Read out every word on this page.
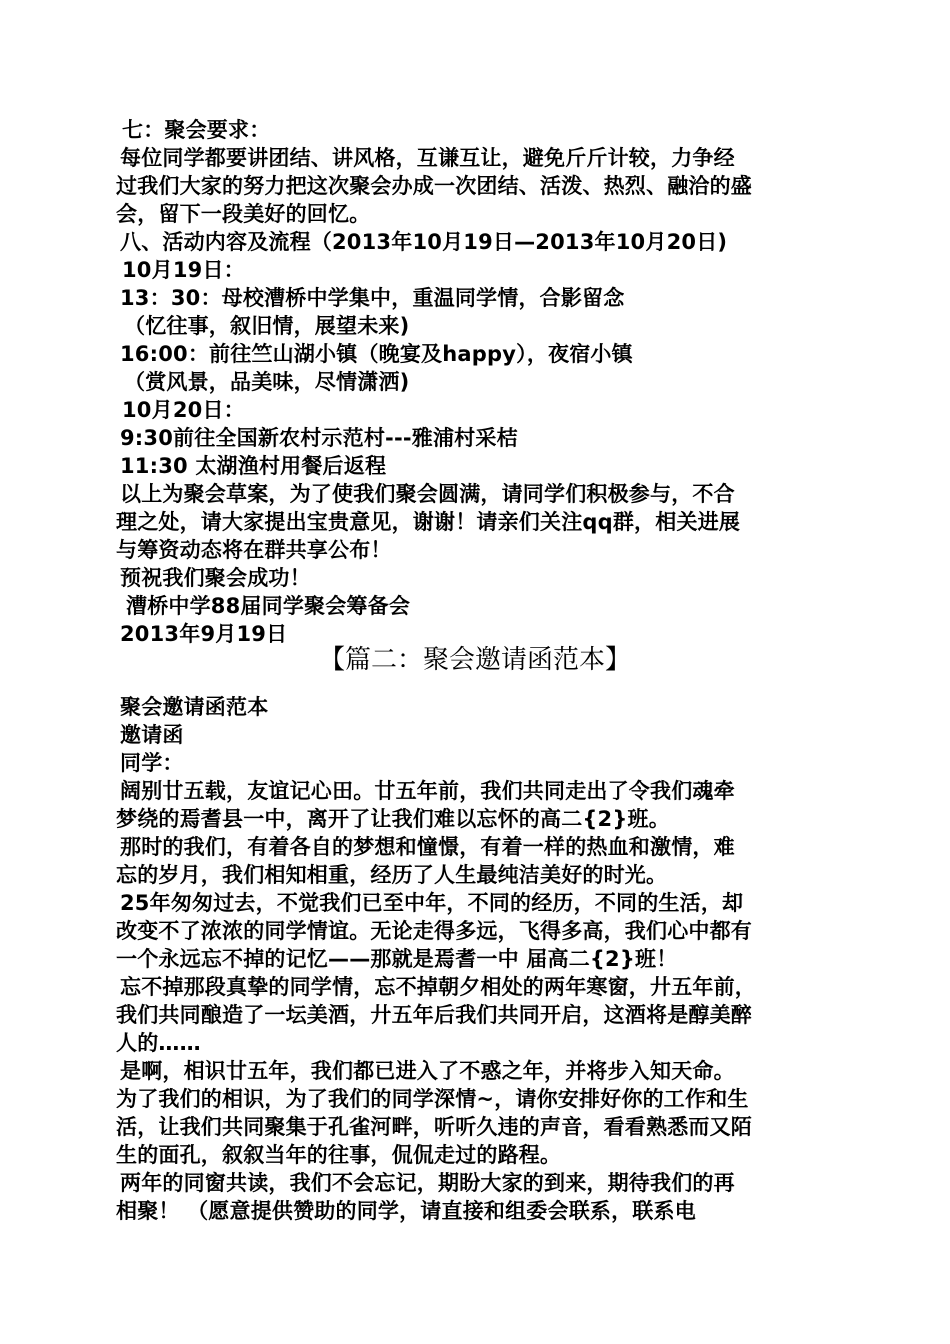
七：聚会要求：
每位同学都要讲团结、讲风格，互谦互让，避免斤斤计较，力争经
过我们大家的努力把这次聚会办成一次团结、活泼、热烈、融洽的盛
会，留下一段美好的回忆。
八、活动内容及流程（2013年10月19日—2013年10月20日)
10月19日：
13：30：母校漕桥中学集中，重温同学情，合影留念
（忆往事，叙旧情，展望未来)
16:00：前往竺山湖小镇（晚宴及happy），夜宿小镇
（赏风景，品美味，尽情潇洒)
10月20日：
9:30前往全国新农村示范村---雅浦村采桔
11:30 太湖渔村用餐后返程
以上为聚会草案，为了使我们聚会圆满，请同学们积极参与，不合
理之处，请大家提出宝贵意见，谢谢！请亲们关注qq群，相关进展
与筹资动态将在群共享公布！
预祝我们聚会成功！
漕桥中学88届同学聚会筹备会
2013年9月19日
【篇二：聚会邀请函范本】
聚会邀请函范本
邀请函
同学：
阔别廿五载，友谊记心田。廿五年前，我们共同走出了令我们魂牵
梦绕的焉耆县一中，离开了让我们难以忘怀的高二{2}班。
那时的我们，有着各自的梦想和憧憬，有着一样的热血和激情，难
忘的岁月，我们相知相重，经历了人生最纯洁美好的时光。
25年匆匆过去，不觉我们已至中年，不同的经历，不同的生活，却
改变不了浓浓的同学情谊。无论走得多远，飞得多高，我们心中都有
一个永远忘不掉的记忆——那就是焉耆一中 届高二{2}班！
忘不掉那段真挚的同学情，忘不掉朝夕相处的两年寒窗，廾五年前，
我们共同酿造了一坛美酒，廾五年后我们共同开启，这酒将是醇美醉
人的……
是啊，相识廿五年，我们都已进入了不惑之年，并将步入知天命。
为了我们的相识，为了我们的同学深情~，请你安排好你的工作和生
活，让我们共同聚集于孔雀河畔，听听久违的声音，看看熟悉而又陌
生的面孔，叙叙当年的往事，侃侃走过的路程。
两年的同窗共读，我们不会忘记，期盼大家的到来，期待我们的再
相聚！ （愿意提供赞助的同学，请直接和组委会联系，联系电
